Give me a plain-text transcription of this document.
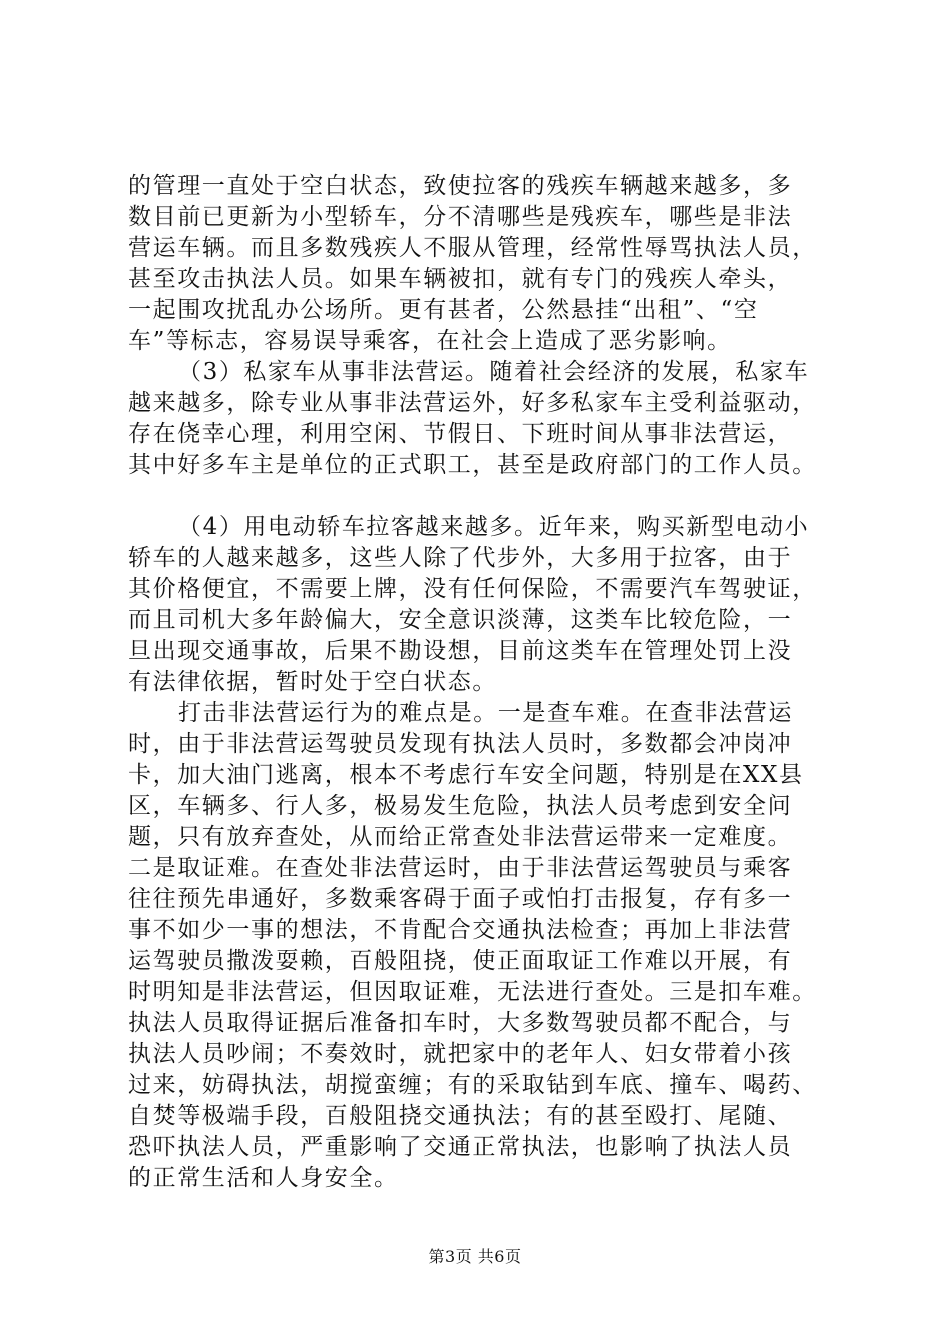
的管理一直处于空白状态，致使拉客的残疾车辆越来越多，多
数目前已更新为小型轿车，分不清哪些是残疾车，哪些是非法
营运车辆。而且多数残疾人不服从管理，经常性辱骂执法人员，
甚至攻击执法人员。如果车辆被扣，就有专门的残疾人牵头，
一起围攻扰乱办公场所。更有甚者，公然悬挂“出租”、“空
车”等标志，容易误导乘客，在社会上造成了恶劣影响。
（3）私家车从事非法营运。随着社会经济的发展，私家车
越来越多，除专业从事非法营运外，好多私家车主受利益驱动，
存在侥幸心理，利用空闲、节假日、下班时间从事非法营运，
其中好多车主是单位的正式职工，甚至是政府部门的工作人员。
（4）用电动轿车拉客越来越多。近年来，购买新型电动小
轿车的人越来越多，这些人除了代步外，大多用于拉客，由于
其价格便宜，不需要上牌，没有任何保险，不需要汽车驾驶证，
而且司机大多年龄偏大，安全意识淡薄，这类车比较危险，一
旦出现交通事故，后果不勘设想，目前这类车在管理处罚上没
有法律依据，暂时处于空白状态。
打击非法营运行为的难点是。一是查车难。在查非法营运
时，由于非法营运驾驶员发现有执法人员时，多数都会冲岗冲
卡，加大油门逃离，根本不考虑行车安全问题，特别是在XX县
区，车辆多、行人多，极易发生危险，执法人员考虑到安全问
题，只有放弃查处，从而给正常查处非法营运带来一定难度。
二是取证难。在查处非法营运时，由于非法营运驾驶员与乘客
往往预先串通好，多数乘客碍于面子或怕打击报复，存有多一
事不如少一事的想法，不肯配合交通执法检查；再加上非法营
运驾驶员撒泼耍赖，百般阻挠，使正面取证工作难以开展，有
时明知是非法营运，但因取证难，无法进行查处。三是扣车难。
执法人员取得证据后准备扣车时，大多数驾驶员都不配合，与
执法人员吵闹；不奏效时，就把家中的老年人、妇女带着小孩
过来，妨碍执法，胡搅蛮缠；有的采取钻到车底、撞车、喝药、
自焚等极端手段，百般阻挠交通执法；有的甚至殴打、尾随、
恐吓执法人员，严重影响了交通正常执法，也影响了执法人员
的正常生活和人身安全。
第3页 共6页
